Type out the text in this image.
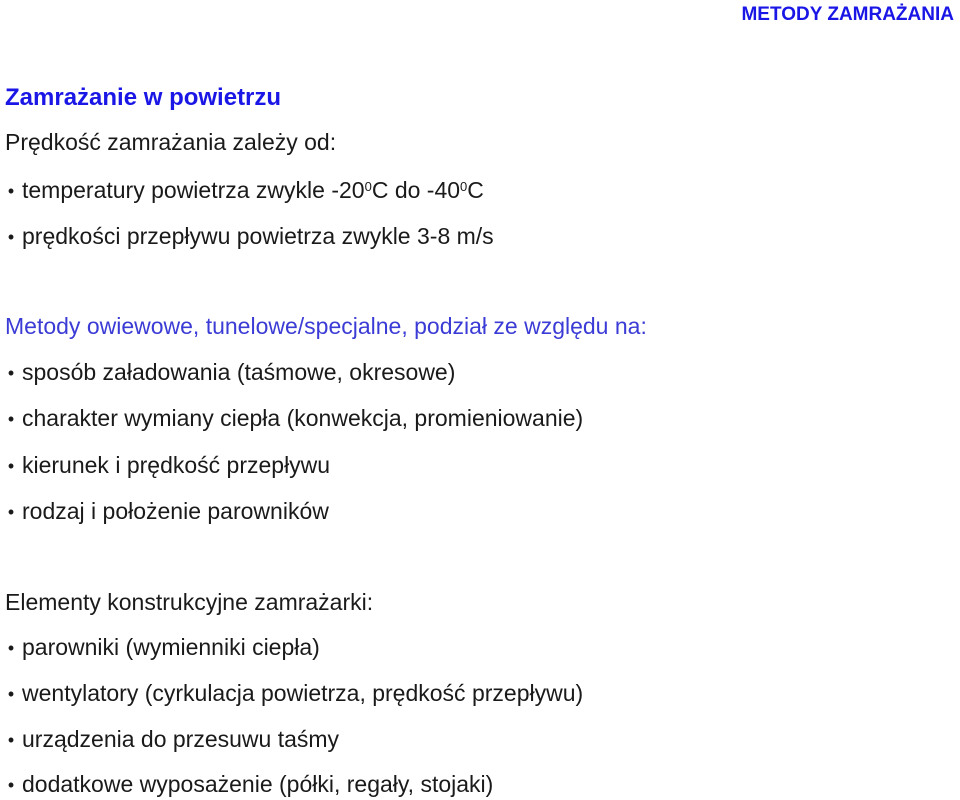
METODY ZAMRAŻANIA
Zamrażanie w powietrzu
Prędkość zamrażania zależy od:
• temperatury powietrza zwykle $-20^0C$ do $-40^0C$
• prędkości przepływu powietrza zwykle 3-8 m/s
Metody owiewowe, tunelowe/specjalne, podział ze względu na:
• sposób załadowania (taśmowe, okresowe)
• charakter wymiany ciepła (konwekcja, promieniowanie)
• kierunek i prędkość przepływu
• rodzaj i położenie parowników
Elementy konstrukcyjne zamrażarki:
• parowniki (wymienniki ciepła)
• wentylatory (cyrkulacja powietrza, prędkość przepływu)
• urządzenia do przesuwu taśmy
• dodatkowe wyposażenie (półki, regały, stojaki)
